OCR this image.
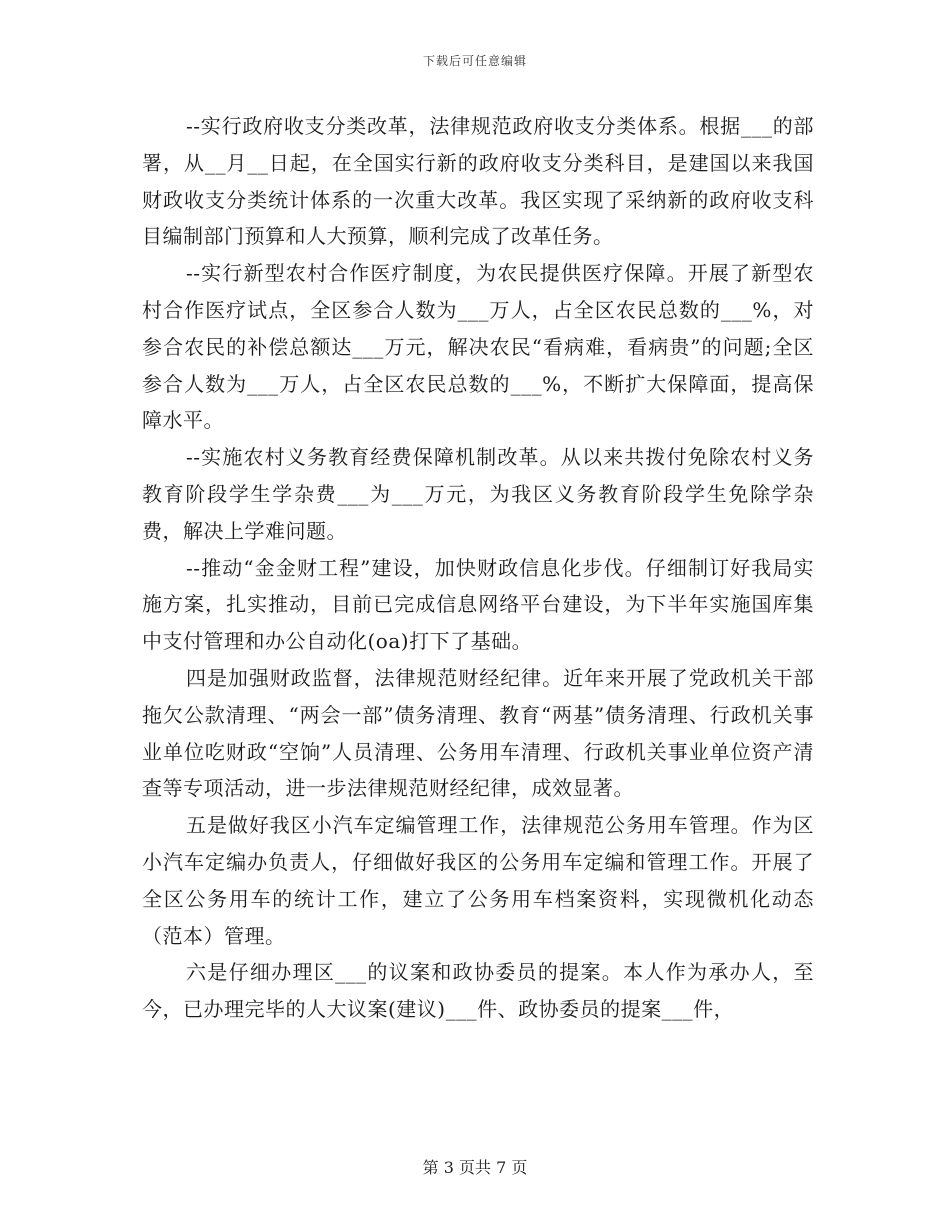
下载后可任意编辑

--实行政府收支分类改革，法律规范政府收支分类体系。根据___的部署，从__月__日起，在全国实行新的政府收支分类科目，是建国以来我国财政收支分类统计体系的一次重大改革。我区实现了采纳新的政府收支科目编制部门预算和人大预算，顺利完成了改革任务。

--实行新型农村合作医疗制度，为农民提供医疗保障。开展了新型农村合作医疗试点，全区参合人数为___万人，占全区农民总数的___%，对参合农民的补偿总额达___万元，解决农民“看病难，看病贵”的问题;全区参合人数为___万人，占全区农民总数的___%，不断扩大保障面，提高保障水平。

--实施农村义务教育经费保障机制改革。从以来共拨付免除农村义务教育阶段学生学杂费___为___万元，为我区义务教育阶段学生免除学杂费，解决上学难问题。

--推动“金金财工程”建设，加快财政信息化步伐。仔细制订好我局实施方案，扎实推动，目前已完成信息网络平台建设，为下半年实施国库集中支付管理和办公自动化(oa)打下了基础。

四是加强财政监督，法律规范财经纪律。近年来开展了党政机关干部拖欠公款清理、“两会一部”债务清理、教育“两基”债务清理、行政机关事业单位吃财政“空饷”人员清理、公务用车清理、行政机关事业单位资产清查等专项活动，进一步法律规范财经纪律，成效显著。

五是做好我区小汽车定编管理工作，法律规范公务用车管理。作为区小汽车定编办负责人，仔细做好我区的公务用车定编和管理工作。开展了全区公务用车的统计工作，建立了公务用车档案资料，实现微机化动态（范本）管理。

六是仔细办理区___的议案和政协委员的提案。本人作为承办人，至今，已办理完毕的人大议案(建议)___件、政协委员的提案___件，

第 3 页共 7 页
